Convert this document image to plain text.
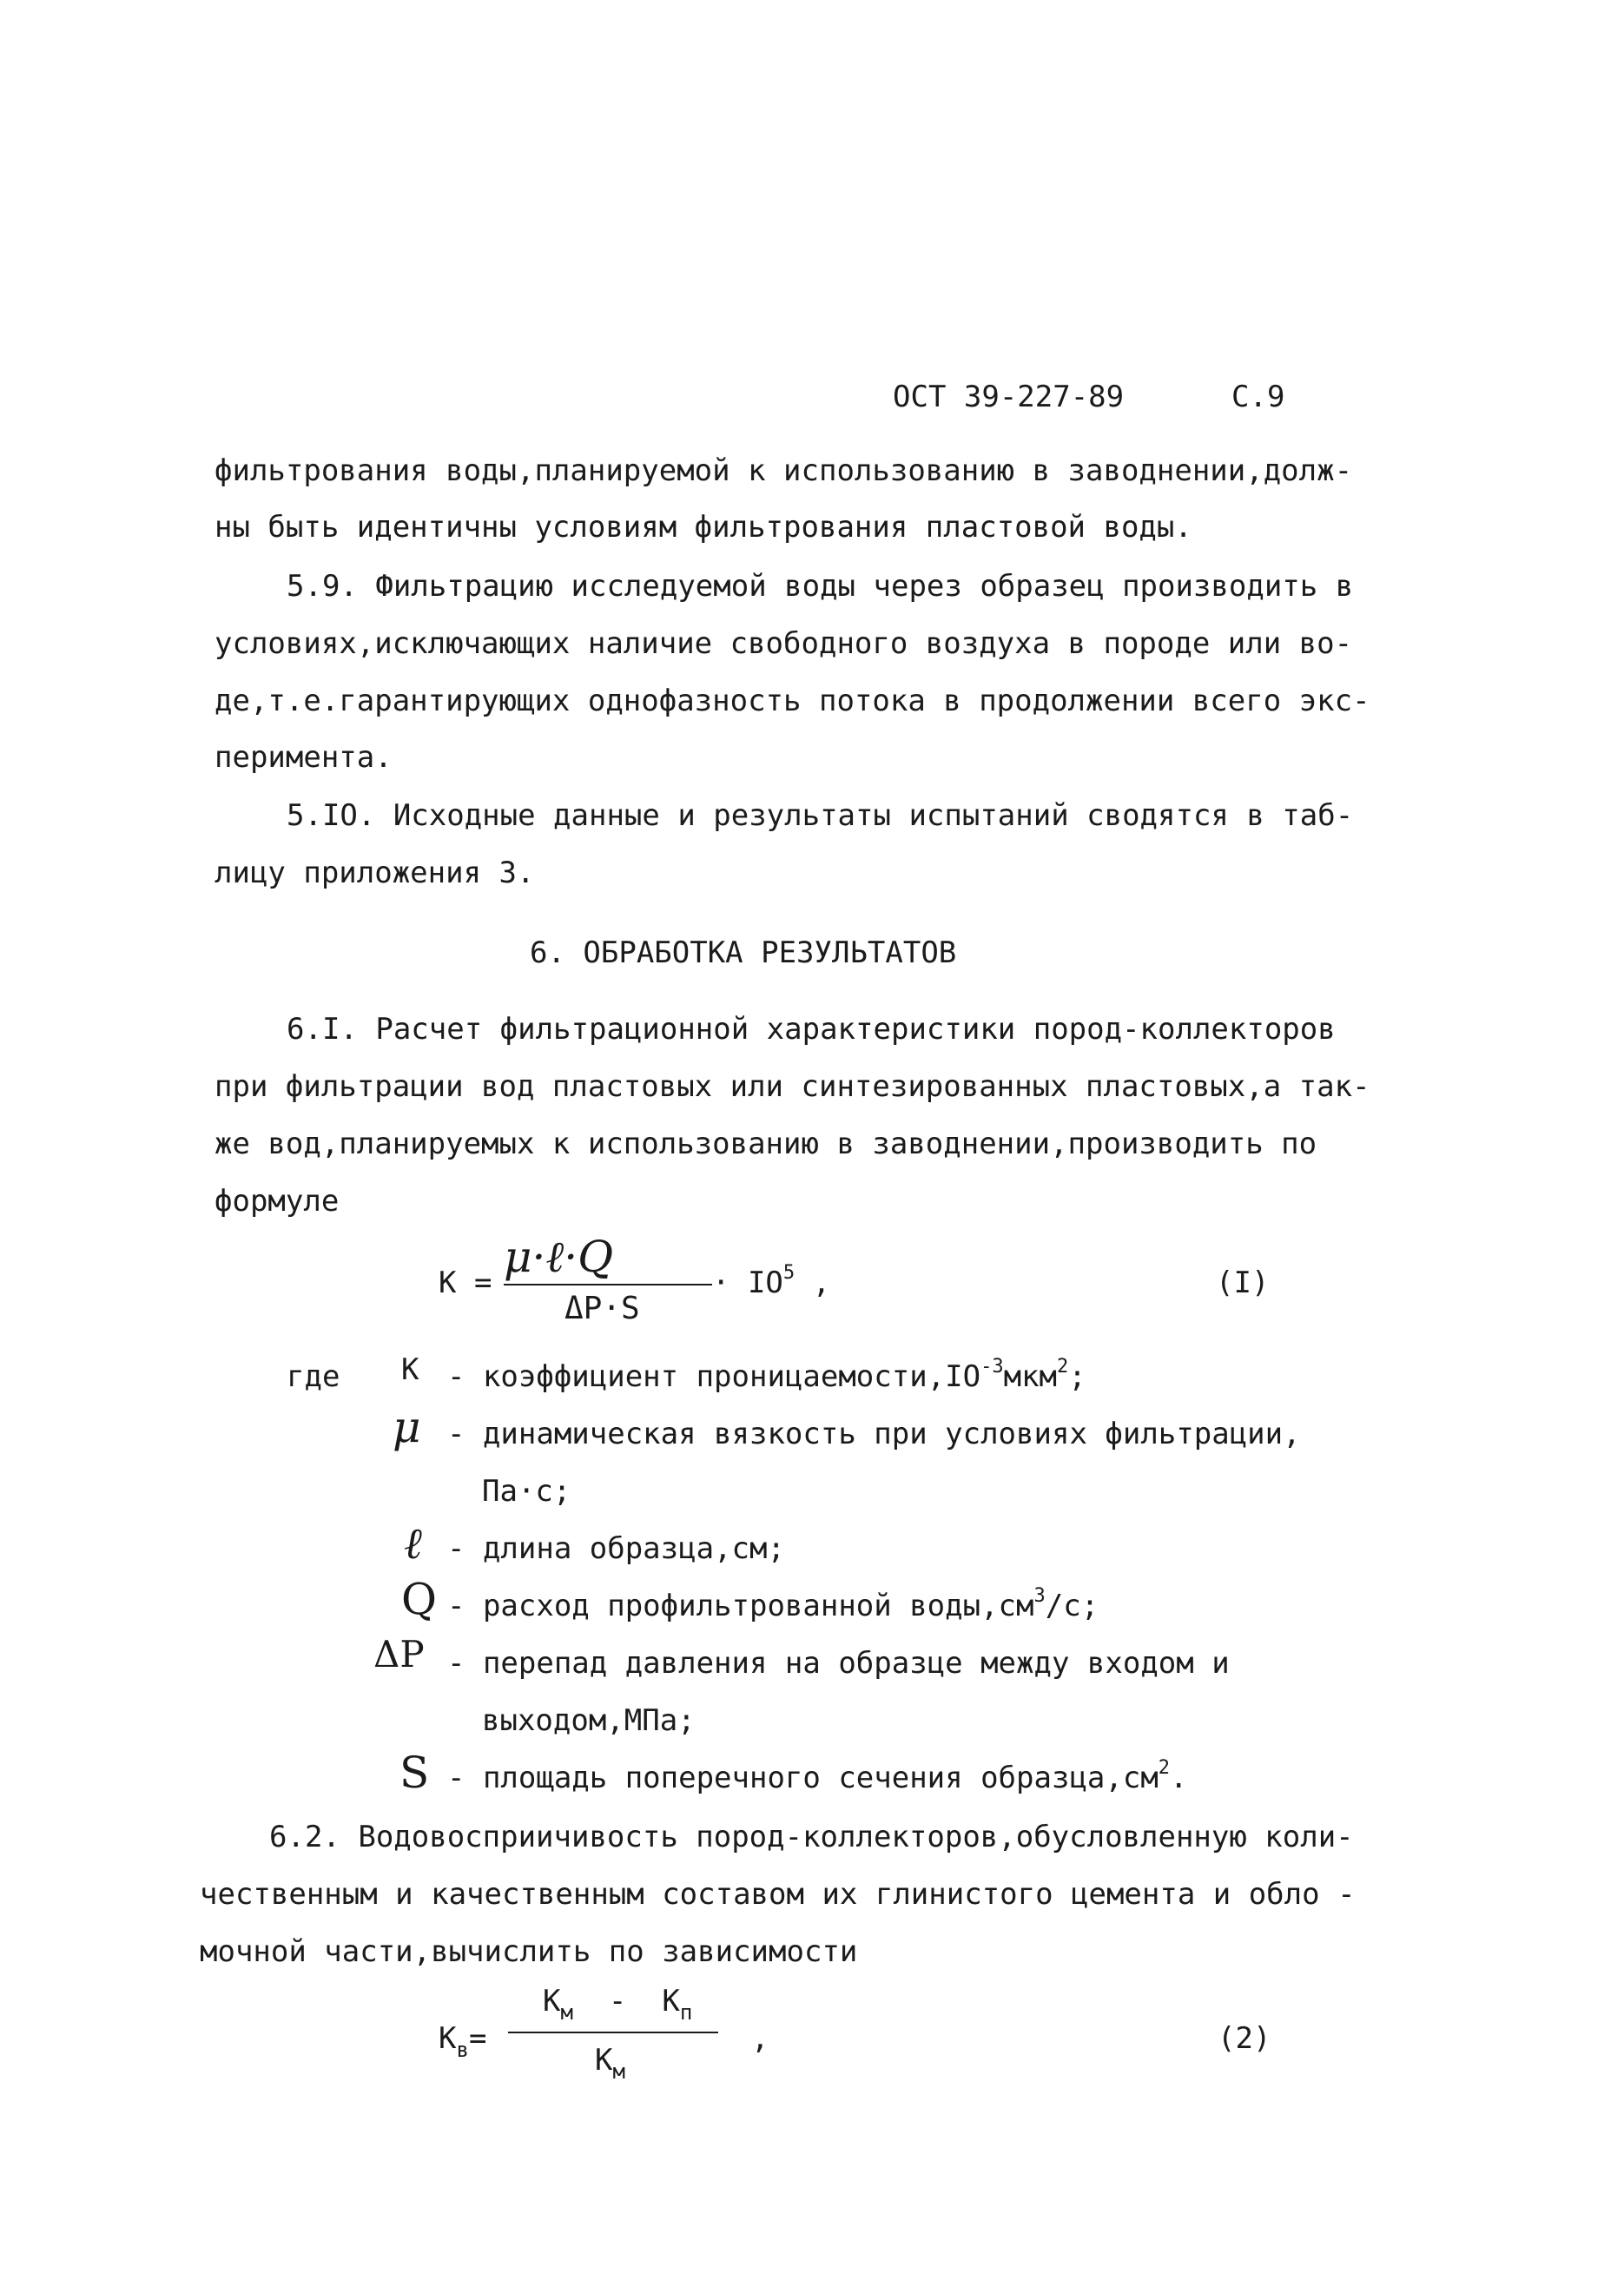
ОСТ 39-227-89	С.9
фильтрования воды,планируемой к использованию в заводнении,долж-
ны быть идентичны условиям фильтрования пластовой воды.
5.9. Фильтрацию исследуемой воды через образец производить в
условиях,исключающих наличие свободного воздуха в породе или во-
де,т.е.гарантирующих однофазность потока в продолжении всего экс-
перимента.
5.IO. Исходные данные и результаты испытаний сводятся в таб-
лицу приложения 3.
6. ОБРАБОТКА РЕЗУЛЬТАТОВ
6.I. Расчет фильтрационной характеристики пород-коллекторов
при фильтрации вод пластовых или синтезированных пластовых,а так-
же вод,планируемых к использованию в заводнении,производить по
формуле
К =
μ·ℓ·Q
ΔP·S
· $IO^5$ ,	(I)
где К - коэффициент $проницаемости,IO^{-3}мкм^2$;
μ - динамическая вязкость при условиях фильтрации,
Па·с;
ℓ - длина образца,см;
Q - расход профильтрованной $воды,см^3/с$;
ΔP - перепад давления на образце между входом и
выходом,МПа;
S - площадь поперечного сечения $образца,см^2$.
6.2. Водовосприичивость пород-коллекторов,обусловленную коли-
чественным и качественным составом их глинистого цемента и обло -
мочной части,вычислить по зависимости
$К_в=$
$К_м - К_п$
$К_м$
,	(2)
